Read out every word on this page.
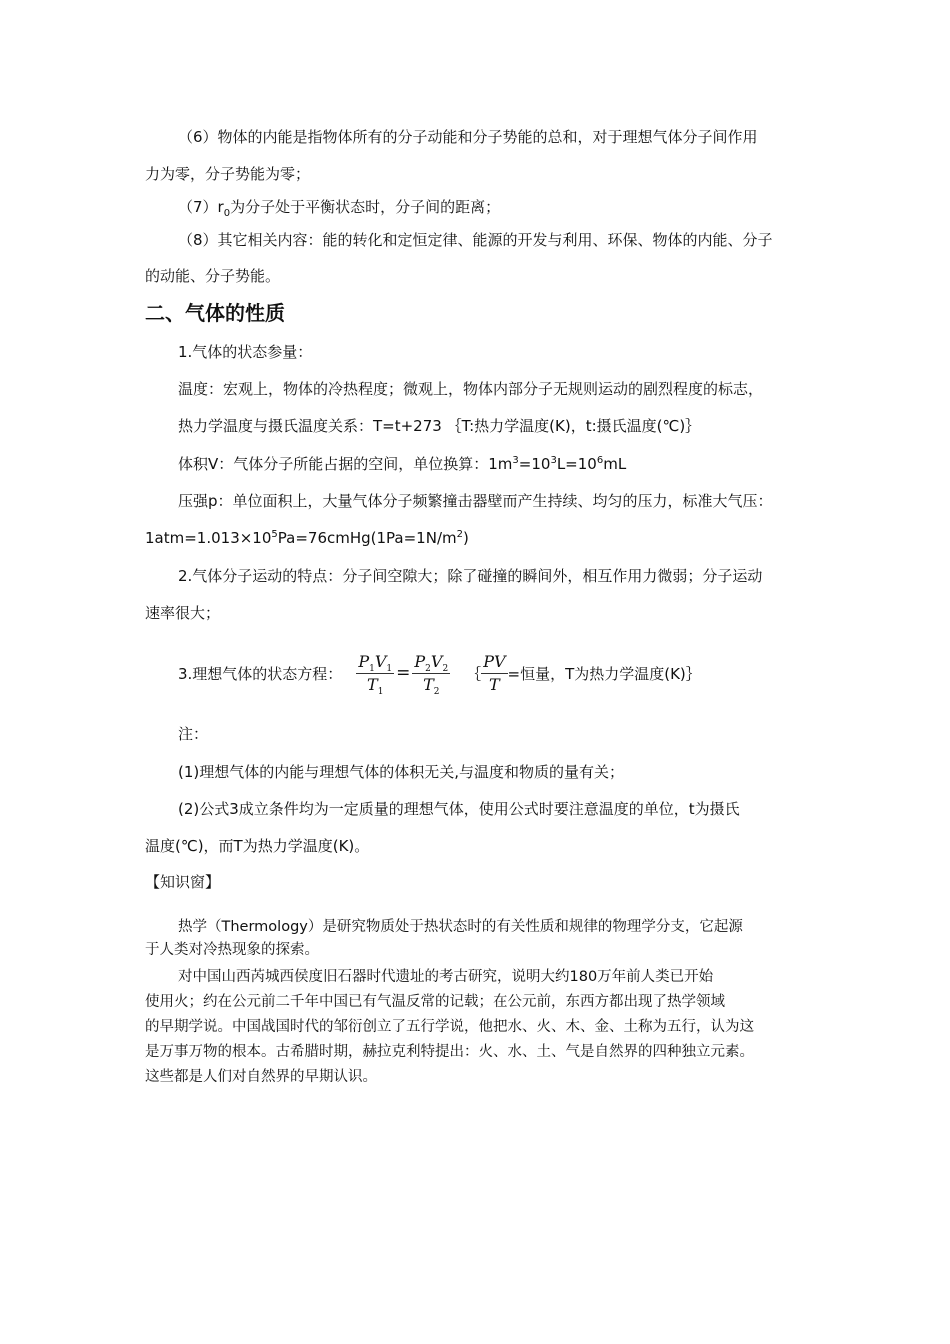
（6）物体的内能是指物体所有的分子动能和分子势能的总和，对于理想气体分子间作用
力为零，分子势能为零；
$(7)r_0$为分子处于平衡状态时，分子间的距离；
（8）其它相关内容：能的转化和定恒定律、能源的开发与利用、环保、物体的内能、分子
的动能、分子势能。
二、气体的性质
1.气体的状态参量：
温度：宏观上，物体的冷热程度；微观上，物体内部分子无规则运动的剧烈程度的标志，
热力学温度与摄氏温度关系：T=t+273 ｛T:热力学温度(K)，t:摄氏温度(℃)｝
体积V：气体分子所能占据的空间，单位换算：$1m^3=10^3L=10^6mL$
压强p：单位面积上，大量气体分子频繁撞击器壁而产生持续、均匀的压力，标准大气压：
$1atm=1.013\times 10^5Pa=76cmHg(1Pa=1N/m^2)$
2.气体分子运动的特点：分子间空隙大；除了碰撞的瞬间外，相互作用力微弱；分子运动
速率很大；
3.理想气体的状态方程： $\frac{P_1V_1}{T_1} = \frac{P_2V_2}{T_2}$ ｛ $\frac{PV}{T}$ =恒量，T为热力学温度(K)｝
注：
(1)理想气体的内能与理想气体的体积无关,与温度和物质的量有关；
(2)公式3成立条件均为一定质量的理想气体，使用公式时要注意温度的单位，t为摄氏
温度(℃)，而T为热力学温度(K)。
【知识窗】
热学（Thermology）是研究物质处于热状态时的有关性质和规律的物理学分支，它起源
于人类对冷热现象的探索。
对中国山西芮城西侯度旧石器时代遗址的考古研究，说明大约180万年前人类已开始
使用火；约在公元前二千年中国已有气温反常的记载；在公元前，东西方都出现了热学领域
的早期学说。中国战国时代的邹衍创立了五行学说，他把水、火、木、金、土称为五行，认为这
是万事万物的根本。古希腊时期，赫拉克利特提出：火、水、土、气是自然界的四种独立元素。
这些都是人们对自然界的早期认识。
